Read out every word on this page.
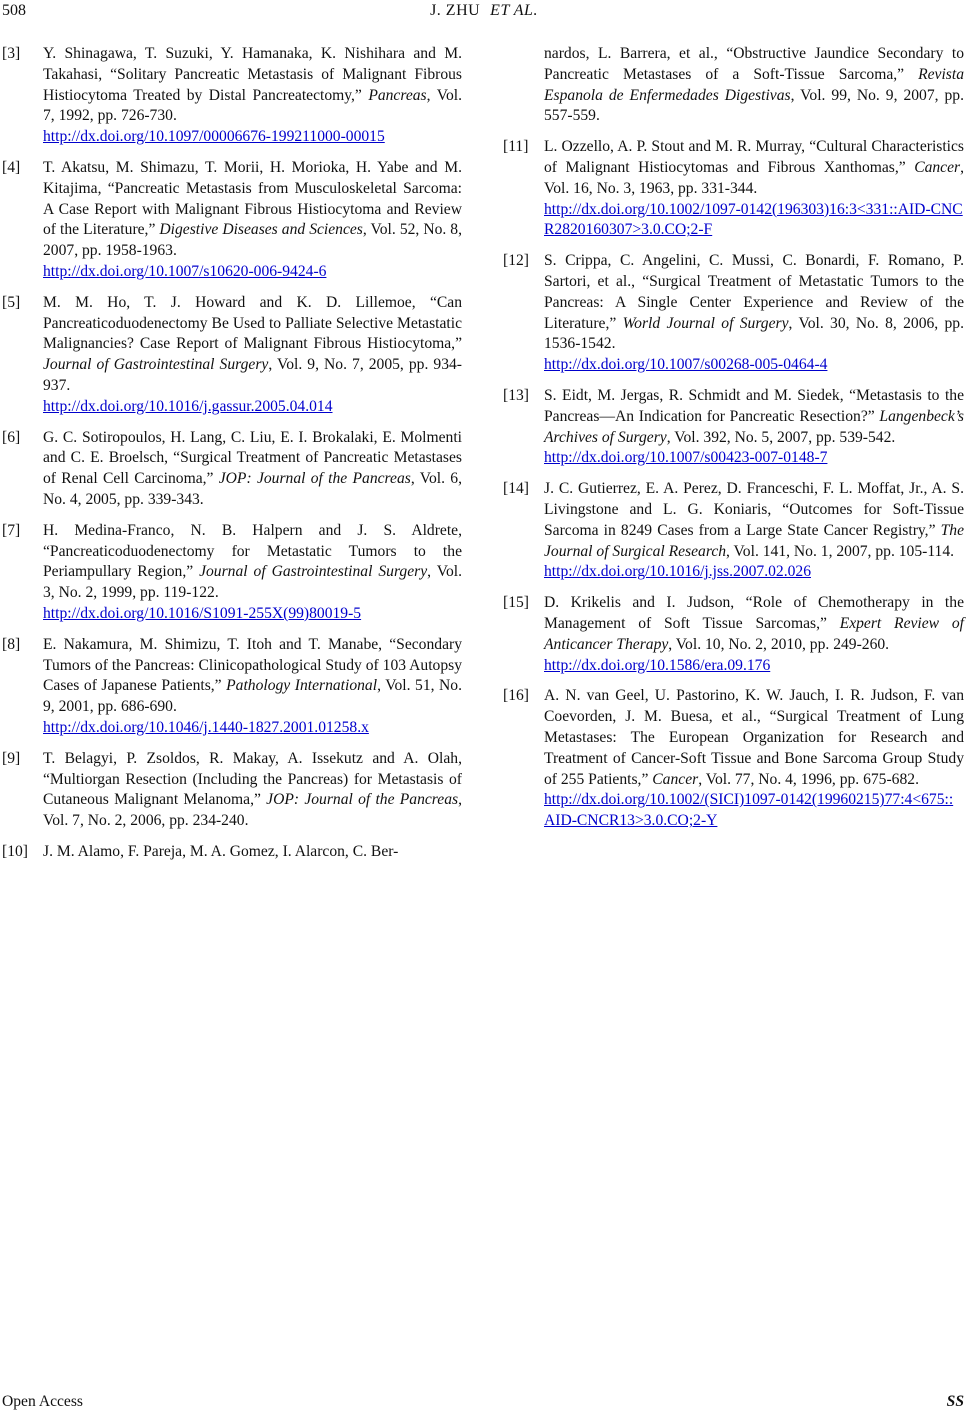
508	J. ZHU ET AL.
[3] Y. Shinagawa, T. Suzuki, Y. Hamanaka, K. Nishihara and M. Takahasi, “Solitary Pancreatic Metastasis of Malignant Fibrous Histiocytoma Treated by Distal Pancreatectomy,” Pancreas, Vol. 7, 1992, pp. 726-730.
http://dx.doi.org/10.1097/00006676-199211000-00015
[4] T. Akatsu, M. Shimazu, T. Morii, H. Morioka, H. Yabe and M. Kitajima, “Pancreatic Metastasis from Musculoskeletal Sarcoma: A Case Report with Malignant Fibrous Histiocytoma and Review of the Literature,” Digestive Diseases and Sciences, Vol. 52, No. 8, 2007, pp. 1958-1963.
http://dx.doi.org/10.1007/s10620-006-9424-6
[5] M. M. Ho, T. J. Howard and K. D. Lillemoe, “Can Pancreaticoduodenectomy Be Used to Palliate Selective Metastatic Malignancies? Case Report of Malignant Fibrous Histiocytoma,” Journal of Gastrointestinal Surgery, Vol. 9, No. 7, 2005, pp. 934-937.
http://dx.doi.org/10.1016/j.gassur.2005.04.014
[6] G. C. Sotiropoulos, H. Lang, C. Liu, E. I. Brokalaki, E. Molmenti and C. E. Broelsch, “Surgical Treatment of Pancreatic Metastases of Renal Cell Carcinoma,” JOP: Journal of the Pancreas, Vol. 6, No. 4, 2005, pp. 339-343.
[7] H. Medina-Franco, N. B. Halpern and J. S. Aldrete, “Pancreaticoduodenectomy for Metastatic Tumors to the Periampullary Region,” Journal of Gastrointestinal Surgery, Vol. 3, No. 2, 1999, pp. 119-122.
http://dx.doi.org/10.1016/S1091-255X(99)80019-5
[8] E. Nakamura, M. Shimizu, T. Itoh and T. Manabe, “Secondary Tumors of the Pancreas: Clinicopathological Study of 103 Autopsy Cases of Japanese Patients,” Pathology International, Vol. 51, No. 9, 2001, pp. 686-690.
http://dx.doi.org/10.1046/j.1440-1827.2001.01258.x
[9] T. Belagyi, P. Zsoldos, R. Makay, A. Issekutz and A. Olah, “Multiorgan Resection (Including the Pancreas) for Metastasis of Cutaneous Malignant Melanoma,” JOP: Journal of the Pancreas, Vol. 7, No. 2, 2006, pp. 234-240.
[10] J. M. Alamo, F. Pareja, M. A. Gomez, I. Alarcon, C. Ber-
nardos, L. Barrera, et al., “Obstructive Jaundice Secondary to Pancreatic Metastases of a Soft-Tissue Sarcoma,” Revista Espanola de Enfermedades Digestivas, Vol. 99, No. 9, 2007, pp. 557-559.
[11] L. Ozzello, A. P. Stout and M. R. Murray, “Cultural Characteristics of Malignant Histiocytomas and Fibrous Xanthomas,” Cancer, Vol. 16, No. 3, 1963, pp. 331-344.
http://dx.doi.org/10.1002/1097-0142(196303)16:3<331::AID-CNCR2820160307>3.0.CO;2-F
[12] S. Crippa, C. Angelini, C. Mussi, C. Bonardi, F. Romano, P. Sartori, et al., “Surgical Treatment of Metastatic Tumors to the Pancreas: A Single Center Experience and Review of the Literature,” World Journal of Surgery, Vol. 30, No. 8, 2006, pp. 1536-1542.
http://dx.doi.org/10.1007/s00268-005-0464-4
[13] S. Eidt, M. Jergas, R. Schmidt and M. Siedek, “Metastasis to the Pancreas—An Indication for Pancreatic Resection?” Langenbeck’s Archives of Surgery, Vol. 392, No. 5, 2007, pp. 539-542.
http://dx.doi.org/10.1007/s00423-007-0148-7
[14] J. C. Gutierrez, E. A. Perez, D. Franceschi, F. L. Moffat, Jr., A. S. Livingstone and L. G. Koniaris, “Outcomes for Soft-Tissue Sarcoma in 8249 Cases from a Large State Cancer Registry,” The Journal of Surgical Research, Vol. 141, No. 1, 2007, pp. 105-114.
http://dx.doi.org/10.1016/j.jss.2007.02.026
[15] D. Krikelis and I. Judson, “Role of Chemotherapy in the Management of Soft Tissue Sarcomas,” Expert Review of Anticancer Therapy, Vol. 10, No. 2, 2010, pp. 249-260.
http://dx.doi.org/10.1586/era.09.176
[16] A. N. van Geel, U. Pastorino, K. W. Jauch, I. R. Judson, F. van Coevorden, J. M. Buesa, et al., “Surgical Treatment of Lung Metastases: The European Organization for Research and Treatment of Cancer-Soft Tissue and Bone Sarcoma Group Study of 255 Patients,” Cancer, Vol. 77, No. 4, 1996, pp. 675-682.
http://dx.doi.org/10.1002/(SICI)1097-0142(19960215)77:4<675::AID-CNCR13>3.0.CO;2-Y
Open Access	SS
